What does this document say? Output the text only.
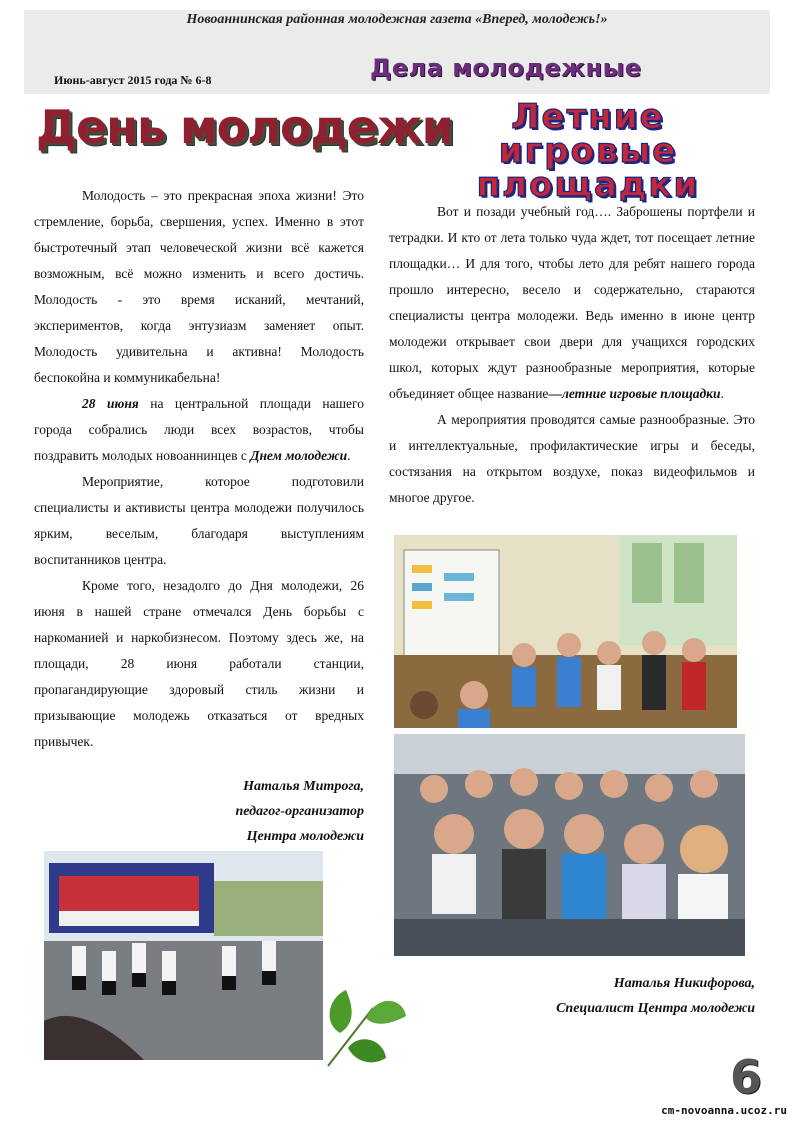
Новоаннинская районная молодежная газета «Вперед, молодежь!»
Июнь-август 2015 года № 6-8	Дела молодежные
День молодежи	Летние
игровые
площадки

Молодость – это прекрасная эпоха жизни! Это стремление, борьба, свершения, успех. Именно в этот быстротечный этап человеческой жизни всё кажется возможным, всё можно изменить и всего достичь. Молодость - это время исканий, мечтаний, экспериментов, когда энтузиазм заменяет опыт. Молодость удивительна и активна! Молодость беспокойна и коммуникабельна!

28 июня на центральной площади нашего города собрались люди всех возрастов, чтобы поздравить молодых новоаннинцев с Днем молодежи.

Мероприятие, которое подготовили специалисты и активисты центра молодежи получилось ярким, веселым, благодаря выступлениям воспитанников центра.

Кроме того, незадолго до Дня молодежи, 26 июня в нашей стране отмечался День борьбы с наркоманией и наркобизнесом. Поэтому здесь же, на площади, 28 июня работали станции, пропагандирующие здоровый стиль жизни и призывающие молодежь отказаться от вредных привычек.

Наталья Митрога,
педагог-организатор
Центра молодежи

Вот и позади учебный год…. Заброшены портфели и тетрадки. И кто от лета только чуда ждет, тот посещает летние площадки… И для того, чтобы лето для ребят нашего города прошло интересно, весело и содержательно, стараются специалисты центра молодежи. Ведь именно в июне центр молодежи открывает свои двери для учащихся городских школ, которых ждут разнообразные мероприятия, которые объединяет общее название—летние игровые площадки.

А мероприятия проводятся самые разнообразные. Это и интеллектуальные, профилактические игры и беседы, состязания на открытом воздухе, показ видеофильмов и многое другое.

Наталья Никифорова,
Специалист Центра молодежи
6
cm-novoanna.ucoz.ru
